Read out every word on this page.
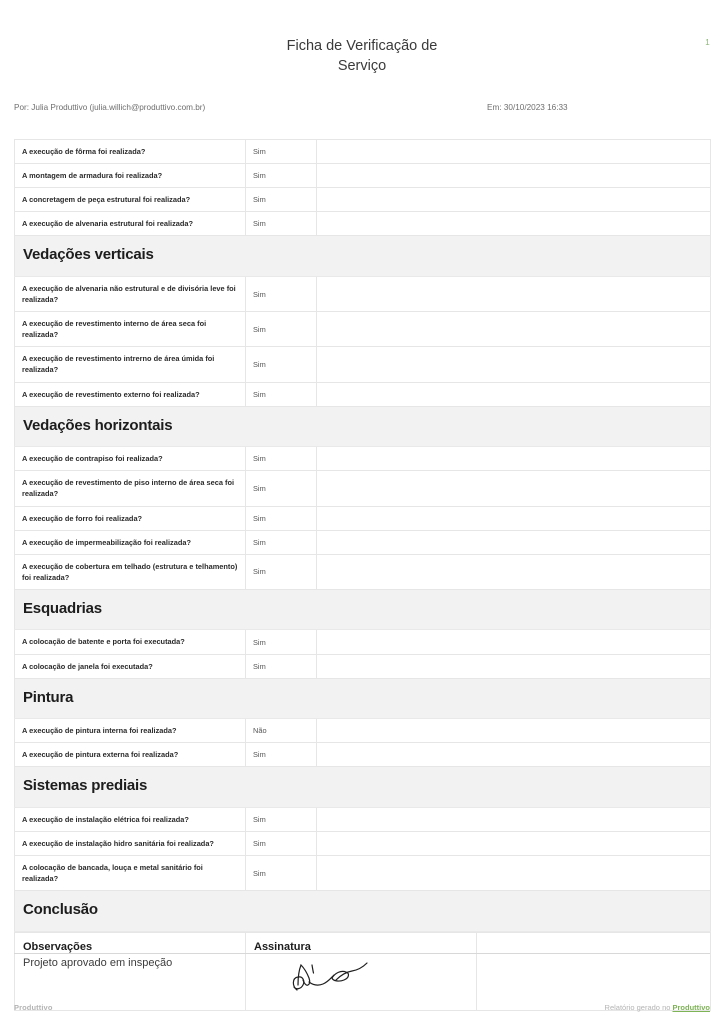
1
Ficha de Verificação de
Serviço
Por: Julia Produttivo (julia.willich@produttivo.com.br)	Em: 30/10/2023 16:33
A execução de fôrma foi realizada?	Sim	
A montagem de armadura foi realizada?	Sim	
A concretagem de peça estrutural foi realizada?	Sim	
A execução de alvenaria estrutural foi realizada?	Sim	

Vedações verticais		

A execução de alvenaria não estrutural e de divisória leve foi realizada?	Sim	
A execução de revestimento interno de área seca foi realizada?	Sim	
A execução de revestimento intrerno de área úmida foi realizada?	Sim	
A execução de revestimento externo foi realizada?	Sim	

Vedações horizontais		

A execução de contrapiso foi realizada?	Sim	
A execução de revestimento de piso interno de área seca foi realizada?	Sim	
A execução de forro foi realizada?	Sim	
A execução de impermeabilização foi realizada?	Sim	
A execução de cobertura em telhado (estrutura e telhamento) foi realizada?	Sim	

Esquadrias		

A colocação de batente e porta foi executada?	Sim	
A colocação de janela foi executada?	Sim	

Pintura		

A execução de pintura interna foi realizada?	Não	
A execução de pintura externa foi realizada?	Sim	

Sistemas prediais		

A execução de instalação elétrica foi realizada?	Sim	
A execução de instalação hidro sanitária foi realizada?	Sim	
A colocação de bancada, louça e metal sanitário foi realizada?	Sim	

Conclusão		
Observações
Projeto aprovado em inspeção

Assinatura

Produttivo	Relatório gerado no Produttivo
